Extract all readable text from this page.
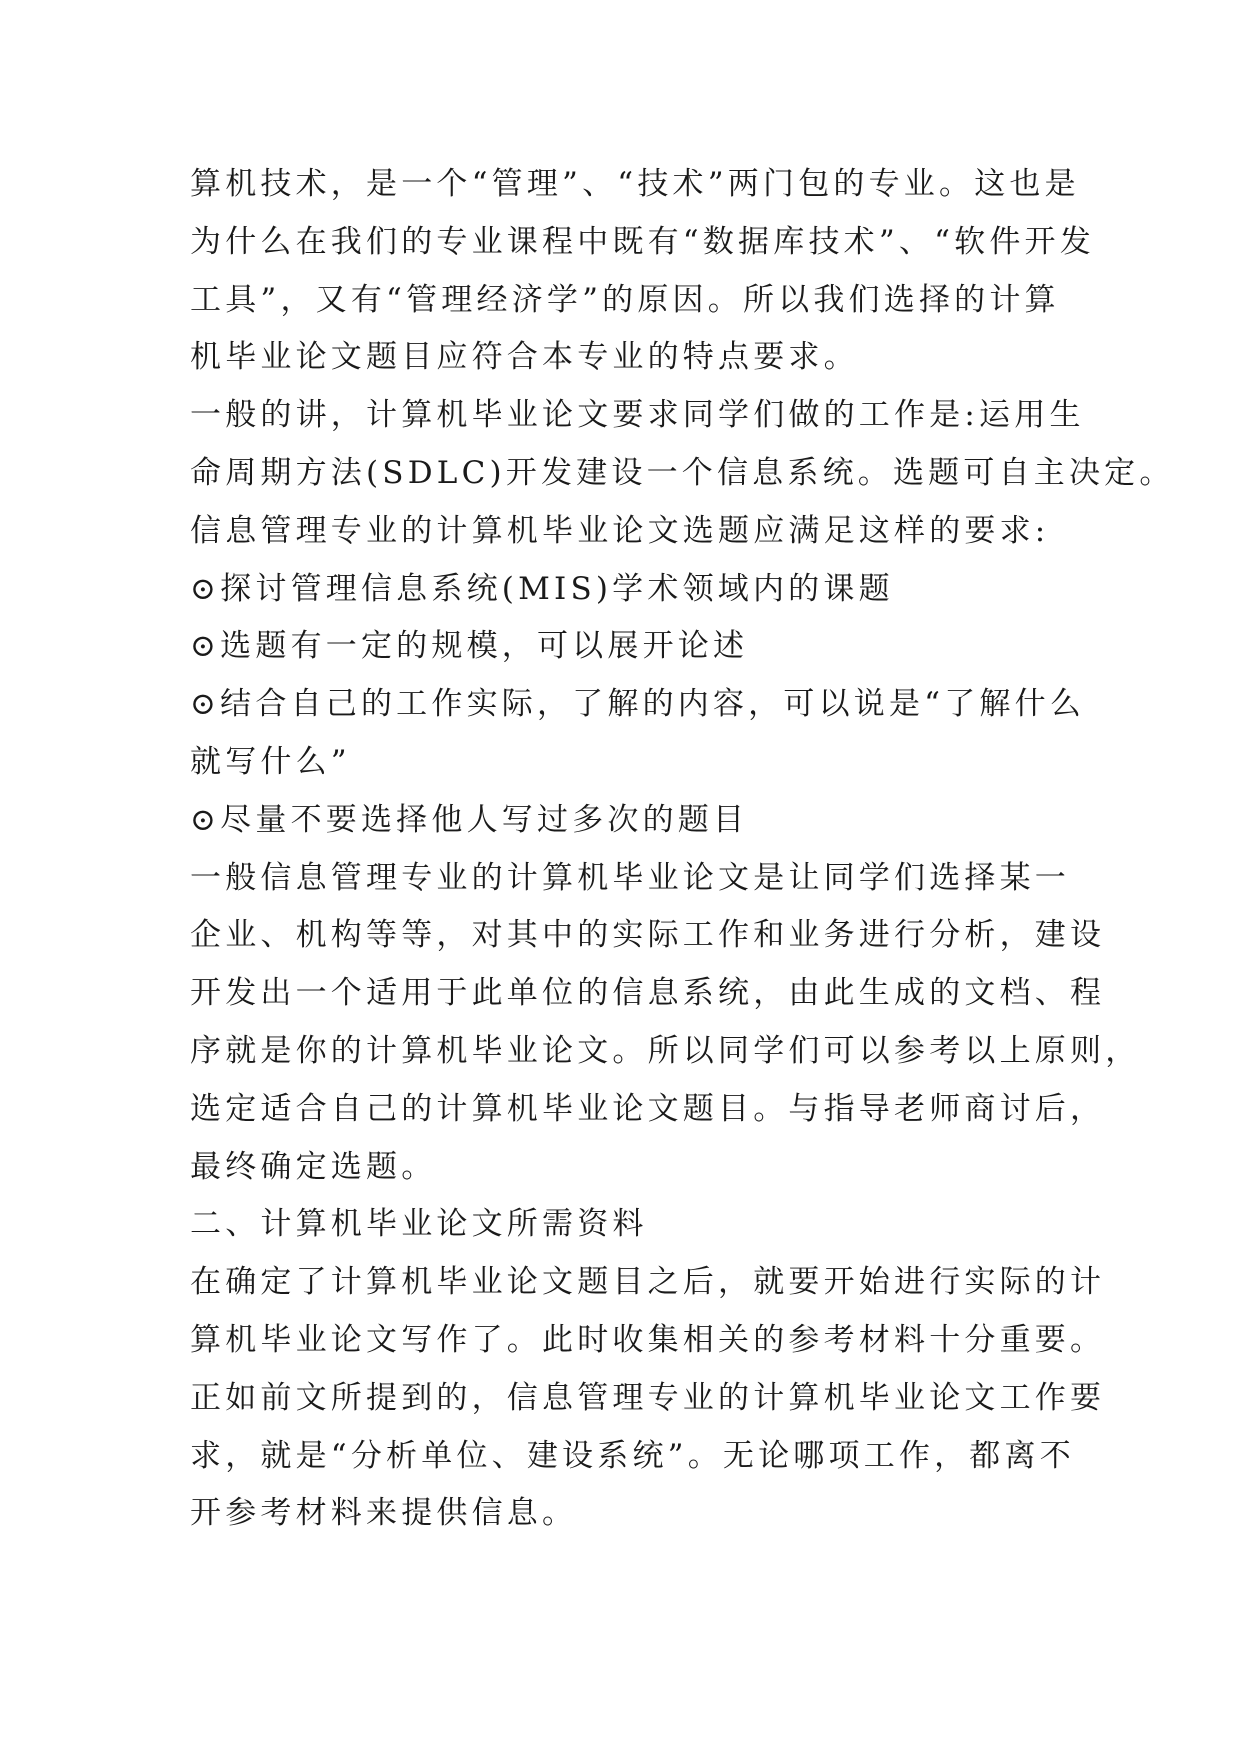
算机技术，是一个“管理”、“技术”两门包的专业。这也是
为什么在我们的专业课程中既有“数据库技术”、“软件开发
工具”，又有“管理经济学”的原因。所以我们选择的计算
机毕业论文题目应符合本专业的特点要求。
一般的讲，计算机毕业论文要求同学们做的工作是:运用生
命周期方法(SDLC)开发建设一个信息系统。选题可自主决定。
信息管理专业的计算机毕业论文选题应满足这样的要求:
⊙探讨管理信息系统(MIS)学术领域内的课题
⊙选题有一定的规模，可以展开论述
⊙结合自己的工作实际，了解的内容，可以说是“了解什么
就写什么”
⊙尽量不要选择他人写过多次的题目
一般信息管理专业的计算机毕业论文是让同学们选择某一
企业、机构等等，对其中的实际工作和业务进行分析，建设
开发出一个适用于此单位的信息系统，由此生成的文档、程
序就是你的计算机毕业论文。所以同学们可以参考以上原则，
选定适合自己的计算机毕业论文题目。与指导老师商讨后，
最终确定选题。
二、计算机毕业论文所需资料
在确定了计算机毕业论文题目之后，就要开始进行实际的计
算机毕业论文写作了。此时收集相关的参考材料十分重要。
正如前文所提到的，信息管理专业的计算机毕业论文工作要
求，就是“分析单位、建设系统”。无论哪项工作，都离不
开参考材料来提供信息。
